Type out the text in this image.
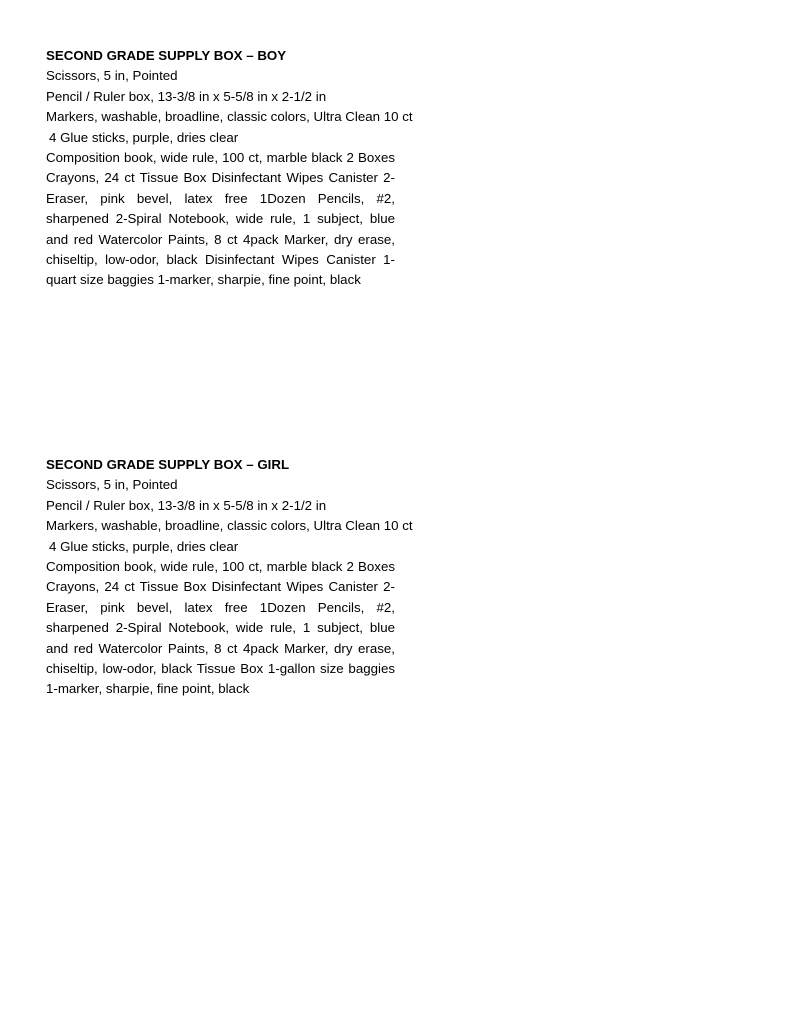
SECOND GRADE SUPPLY BOX – BOY
Scissors, 5 in, Pointed
Pencil / Ruler box, 13-3/8 in x 5-5/8 in x 2-1/2 in
Markers, washable, broadline, classic colors, Ultra Clean 10 ct
4 Glue sticks, purple, dries clear
Composition book, wide rule, 100 ct, marble black 2 Boxes Crayons, 24 ct Tissue Box Disinfectant Wipes Canister 2-Eraser, pink bevel, latex free 1Dozen Pencils, #2, sharpened 2-Spiral Notebook, wide rule, 1 subject, blue and red Watercolor Paints, 8 ct 4pack Marker, dry erase, chiseltip, low-odor, black Disinfectant Wipes Canister 1-quart size baggies 1-marker, sharpie, fine point, black
SECOND GRADE SUPPLY BOX – GIRL
Scissors, 5 in, Pointed
Pencil / Ruler box, 13-3/8 in x 5-5/8 in x 2-1/2 in
Markers, washable, broadline, classic colors, Ultra Clean 10 ct
4 Glue sticks, purple, dries clear
Composition book, wide rule, 100 ct, marble black 2 Boxes Crayons, 24 ct Tissue Box Disinfectant Wipes Canister 2-Eraser, pink bevel, latex free 1Dozen Pencils, #2, sharpened 2-Spiral Notebook, wide rule, 1 subject, blue and red Watercolor Paints, 8 ct 4pack Marker, dry erase, chiseltip, low-odor, black Tissue Box 1-gallon size baggies 1-marker, sharpie, fine point, black
